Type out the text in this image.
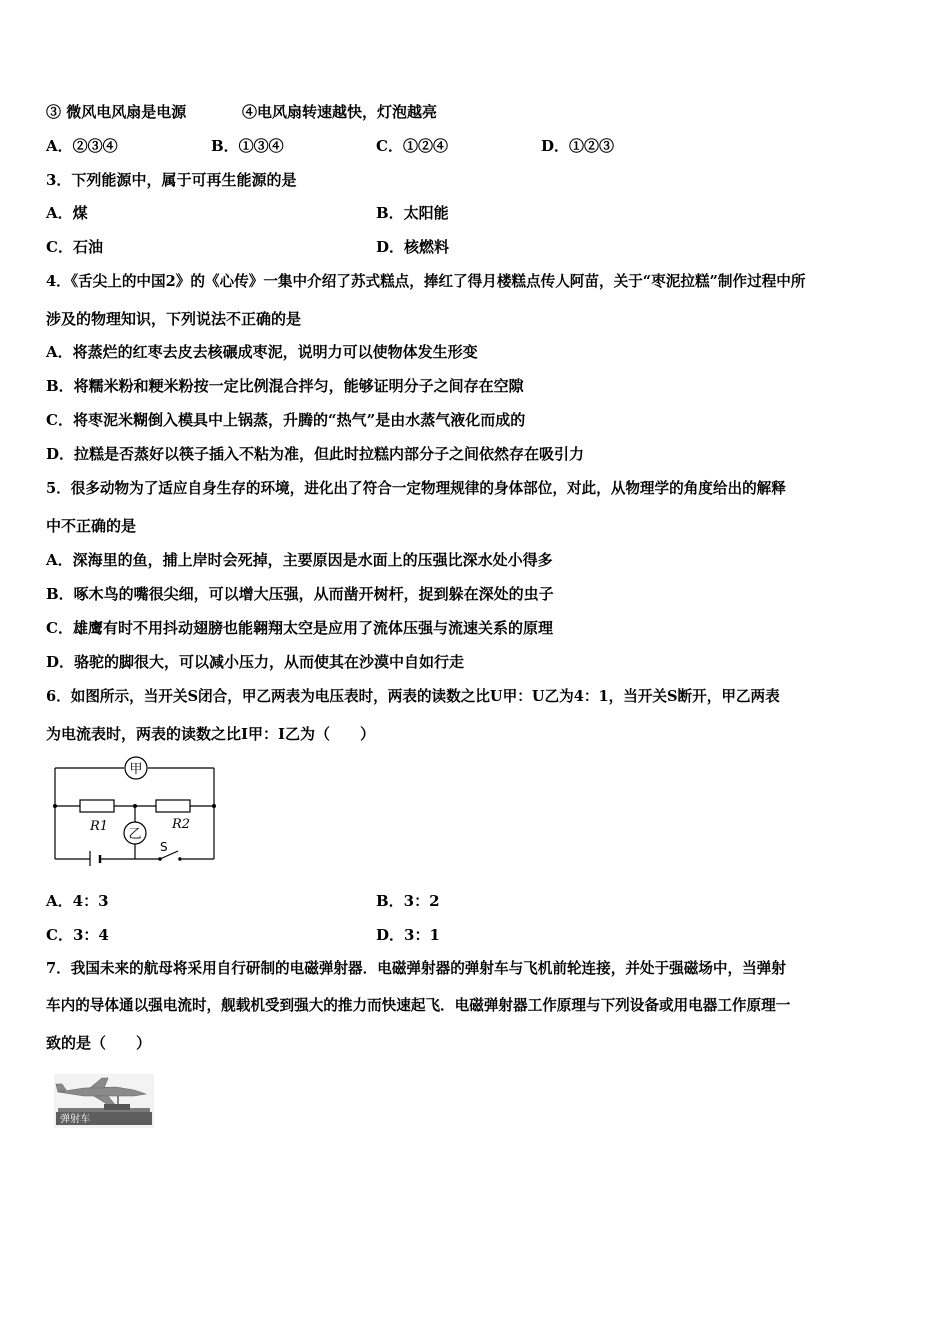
③ 微风电风扇是电源	④电风扇转速越快，灯泡越亮
A．②③④	B．①③④	C．①②④	D．①②③
3．下列能源中，属于可再生能源的是
A．煤	B．太阳能
C．石油	D．核燃料
4．《舌尖上的中国2》的《心传》一集中介绍了苏式糕点，捧红了得月楼糕点传人阿苗，关于“枣泥拉糕”制作过程中所
涉及的物理知识，下列说法不正确的是
A．将蒸烂的红枣去皮去核碾成枣泥，说明力可以使物体发生形变
B．将糯米粉和粳米粉按一定比例混合拌匀，能够证明分子之间存在空隙
C．将枣泥米糊倒入模具中上锅蒸，升腾的“热气”是由水蒸气液化而成的
D．拉糕是否蒸好以筷子插入不粘为准，但此时拉糕内部分子之间依然存在吸引力
5．很多动物为了适应自身生存的环境，进化出了符合一定物理规律的身体部位，对此，从物理学的角度给出的解释
中不正确的是
A．深海里的鱼，捕上岸时会死掉，主要原因是水面上的压强比深水处小得多
B．啄木鸟的嘴很尖细，可以增大压强，从而凿开树杆，捉到躲在深处的虫子
C．雄鹰有时不用抖动翅膀也能翱翔太空是应用了流体压强与流速关系的原理
D．骆驼的脚很大，可以减小压力，从而使其在沙漠中自如行走
6．如图所示，当开关S闭合，甲乙两表为电压表时，两表的读数之比U甲：U乙为4：1，当开关S断开，甲乙两表
为电流表时，两表的读数之比I甲：I乙为（　　）
甲
乙
R1	R2
S
A．4：3	B．3：2
C．3：4	D．3：1
7．我国未来的航母将采用自行研制的电磁弹射器．电磁弹射器的弹射车与飞机前轮连接，并处于强磁场中，当弹射
车内的导体通以强电流时，舰载机受到强大的推力而快速起飞．电磁弹射器工作原理与下列设备或用电器工作原理一
致的是（　　）
弹射车
